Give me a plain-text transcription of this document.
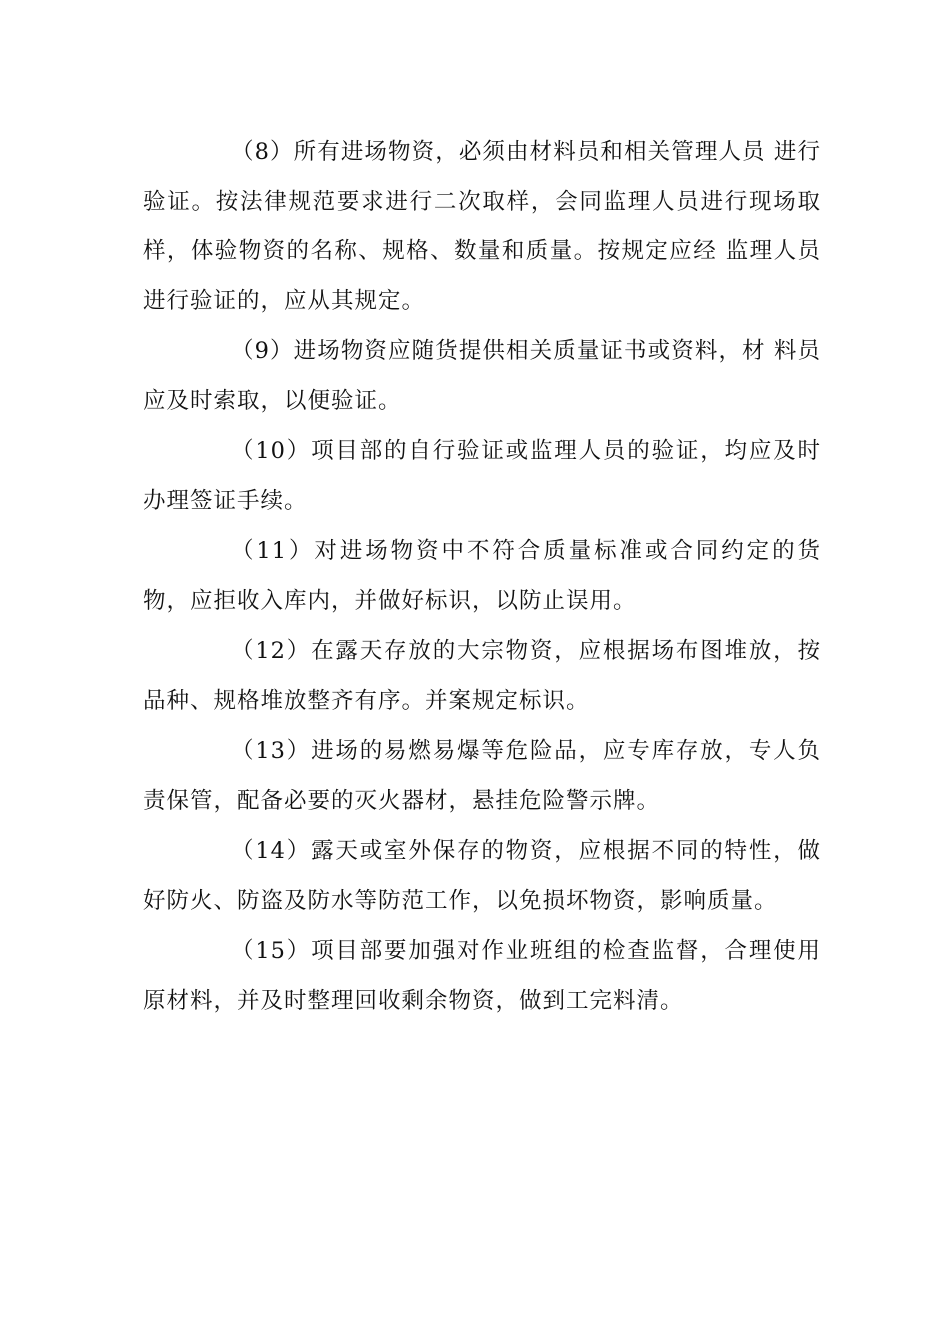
（8）所有进场物资，必须由材料员和相关管理人员 进行验证。按法律规范要求进行二次取样，会同监理人员进行现场取样，体验物资的名称、规格、数量和质量。按规定应经 监理人员进行验证的，应从其规定。

（9）进场物资应随货提供相关质量证书或资料，材 料员应及时索取，以便验证。

（10）项目部的自行验证或监理人员的验证，均应及时办理签证手续。

（11）对进场物资中不符合质量标准或合同约定的货物，应拒收入库内，并做好标识，以防止误用。

（12）在露天存放的大宗物资，应根据场布图堆放，按品种、规格堆放整齐有序。并案规定标识。

（13）进场的易燃易爆等危险品，应专库存放，专人负责保管，配备必要的灭火器材，悬挂危险警示牌。

（14）露天或室外保存的物资，应根据不同的特性，做好防火、防盗及防水等防范工作，以免损坏物资，影响质量。

（15）项目部要加强对作业班组的检查监督，合理使用原材料，并及时整理回收剩余物资，做到工完料清。
